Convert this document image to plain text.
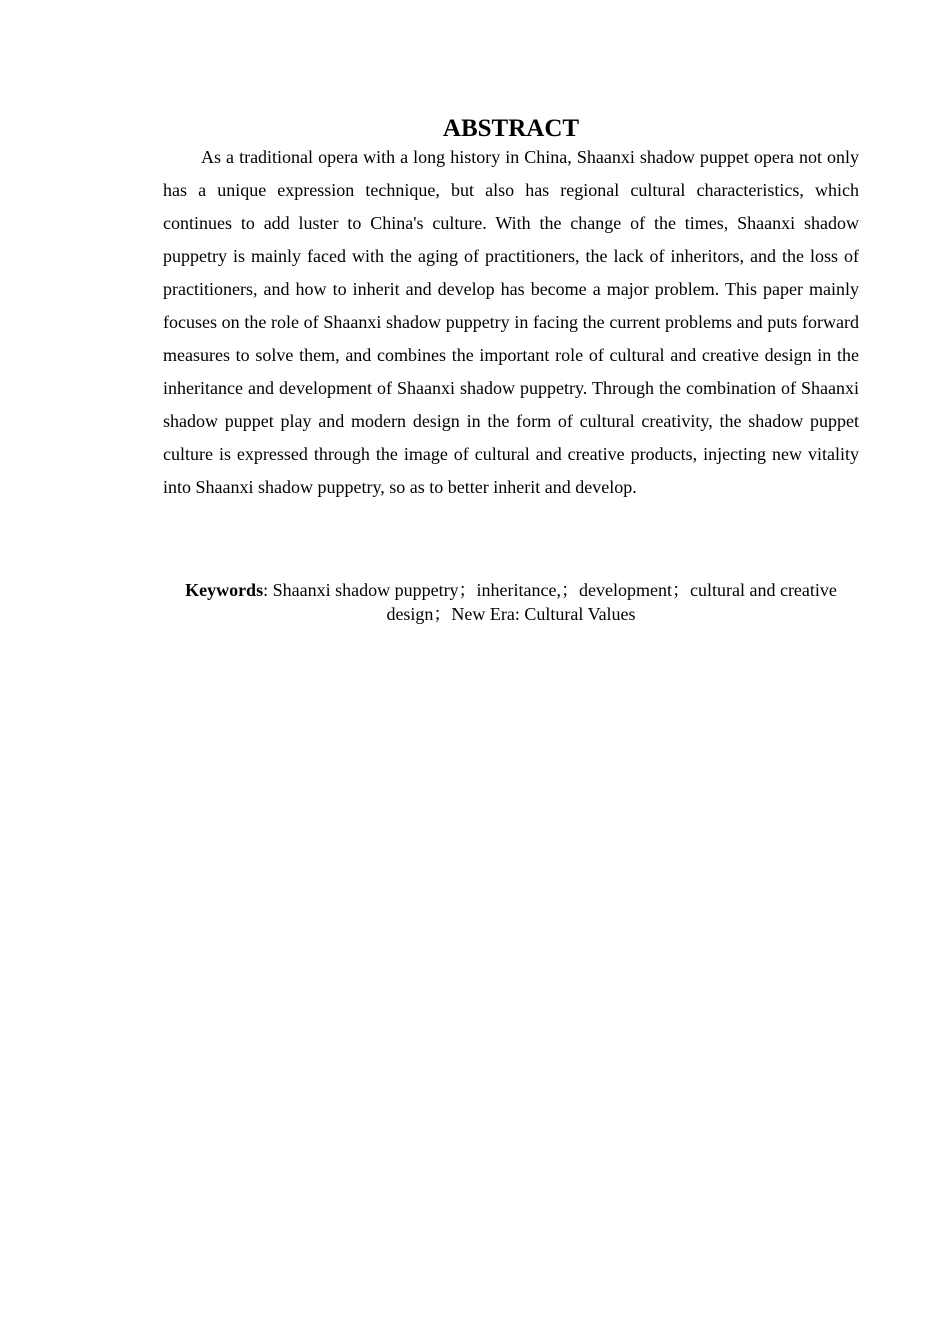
ABSTRACT

As a traditional opera with a long history in China, Shaanxi shadow puppet opera not only has a unique expression technique, but also has regional cultural characteristics, which continues to add luster to China's culture. With the change of the times, Shaanxi shadow puppetry is mainly faced with the aging of practitioners, the lack of inheritors, and the loss of practitioners, and how to inherit and develop has become a major problem. This paper mainly focuses on the role of Shaanxi shadow puppetry in facing the current problems and puts forward measures to solve them, and combines the important role of cultural and creative design in the inheritance and development of Shaanxi shadow puppetry. Through the combination of Shaanxi shadow puppet play and modern design in the form of cultural creativity, the shadow puppet culture is expressed through the image of cultural and creative products, injecting new vitality into Shaanxi shadow puppetry, so as to better inherit and develop.

Keywords: Shaanxi shadow puppetry；inheritance,；development；cultural and creative design；New Era: Cultural Values
